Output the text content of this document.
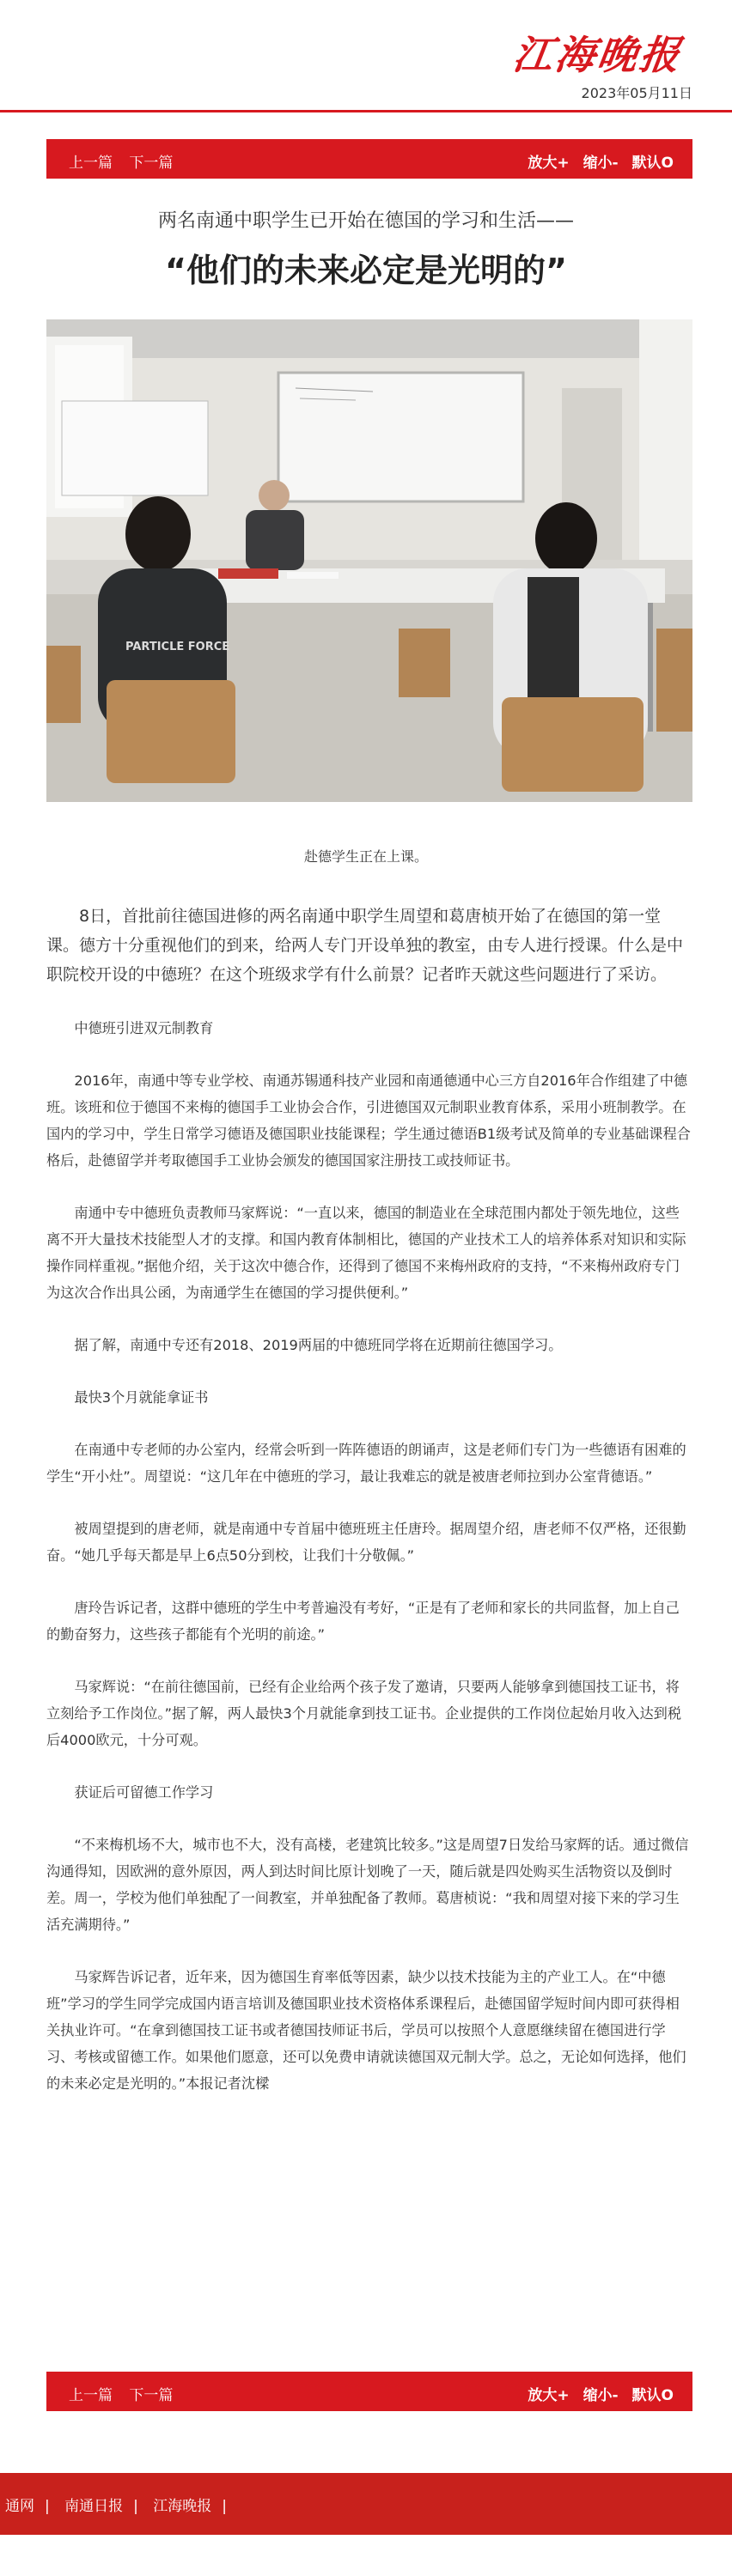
江海晚报
2023年05月11日
上一篇 下一篇	放大+ 缩小- 默认O
两名南通中职学生已开始在德国的学习和生活——
“他们的未来必定是光明的”
PARTICLE FORCE
赴德学生正在上课。

8日，首批前往德国进修的两名南通中职学生周望和葛唐桢开始了在德国的第一堂课。德方十分重视他们的到来，给两人专门开设单独的教室，由专人进行授课。什么是中职院校开设的中德班？在这个班级求学有什么前景？记者昨天就这些问题进行了采访。

中德班引进双元制教育

2016年，南通中等专业学校、南通苏锡通科技产业园和南通德通中心三方自2016年合作组建了中德班。该班和位于德国不来梅的德国手工业协会合作，引进德国双元制职业教育体系，采用小班制教学。在国内的学习中，学生日常学习德语及德国职业技能课程；学生通过德语B1级考试及简单的专业基础课程合格后，赴德留学并考取德国手工业协会颁发的德国国家注册技工或技师证书。

南通中专中德班负责教师马家辉说：“一直以来，德国的制造业在全球范围内都处于领先地位，这些离不开大量技术技能型人才的支撑。和国内教育体制相比，德国的产业技术工人的培养体系对知识和实际操作同样重视。”据他介绍，关于这次中德合作，还得到了德国不来梅州政府的支持，“不来梅州政府专门为这次合作出具公函，为南通学生在德国的学习提供便利。”

据了解，南通中专还有2018、2019两届的中德班同学将在近期前往德国学习。

最快3个月就能拿证书

在南通中专老师的办公室内，经常会听到一阵阵德语的朗诵声，这是老师们专门为一些德语有困难的学生“开小灶”。周望说：“这几年在中德班的学习，最让我难忘的就是被唐老师拉到办公室背德语。”

被周望提到的唐老师，就是南通中专首届中德班班主任唐玲。据周望介绍，唐老师不仅严格，还很勤奋。“她几乎每天都是早上6点50分到校，让我们十分敬佩。”

唐玲告诉记者，这群中德班的学生中考普遍没有考好，“正是有了老师和家长的共同监督，加上自己的勤奋努力，这些孩子都能有个光明的前途。”

马家辉说：“在前往德国前，已经有企业给两个孩子发了邀请，只要两人能够拿到德国技工证书，将立刻给予工作岗位。”据了解，两人最快3个月就能拿到技工证书。企业提供的工作岗位起始月收入达到税后4000欧元，十分可观。

获证后可留德工作学习

“不来梅机场不大，城市也不大，没有高楼，老建筑比较多。”这是周望7日发给马家辉的话。通过微信沟通得知，因欧洲的意外原因，两人到达时间比原计划晚了一天，随后就是四处购买生活物资以及倒时差。周一，学校为他们单独配了一间教室，并单独配备了教师。葛唐桢说：“我和周望对接下来的学习生活充满期待。”

马家辉告诉记者，近年来，因为德国生育率低等因素，缺少以技术技能为主的产业工人。在“中德班”学习的学生同学完成国内语言培训及德国职业技术资格体系课程后，赴德国留学短时间内即可获得相关执业许可。“在拿到德国技工证书或者德国技师证书后，学员可以按照个人意愿继续留在德国进行学习、考核或留德工作。如果他们愿意，还可以免费申请就读德国双元制大学。总之，无论如何选择，他们的未来必定是光明的。”本报记者沈樑

上一篇 下一篇	放大+ 缩小- 默认O
通网 | 南通日报 | 江海晚报 |
